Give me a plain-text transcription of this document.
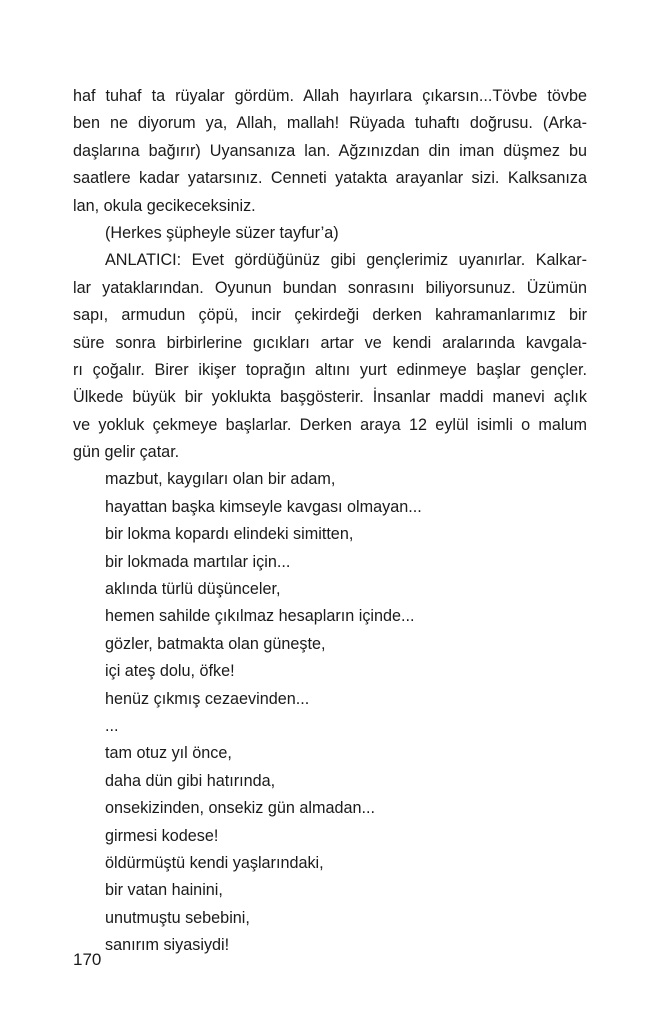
haf tuhaf ta rüyalar gördüm. Allah hayırlara çıkarsın...Tövbe tövbe
ben ne diyorum ya, Allah, mallah! Rüyada tuhaftı doğrusu. (Arka-
daşlarına bağırır) Uyansanıza lan. Ağzınızdan din iman düşmez bu
saatlere kadar yatarsınız. Cenneti yatakta arayanlar sizi. Kalksanıza
lan, okula gecikeceksiniz.
(Herkes şüpheyle süzer tayfur’a)
ANLATICI: Evet gördüğünüz gibi gençlerimiz uyanırlar. Kalkar-
lar yataklarından. Oyunun bundan sonrasını biliyorsunuz. Üzümün
sapı, armudun çöpü, incir çekirdeği derken kahramanlarımız bir
süre sonra birbirlerine gıcıkları artar ve kendi aralarında kavgala-
rı çoğalır. Birer ikişer toprağın altını yurt edinmeye başlar gençler.
Ülkede büyük bir yoklukta başgösterir. İnsanlar maddi manevi açlık
ve yokluk çekmeye başlarlar. Derken araya 12 eylül isimli o malum
gün gelir çatar.
mazbut, kaygıları olan bir adam,
hayattan başka kimseyle kavgası olmayan...
bir lokma kopardı elindeki simitten,
bir lokmada martılar için...
aklında türlü düşünceler,
hemen sahilde çıkılmaz hesapların içinde...
gözler, batmakta olan güneşte,
içi ateş dolu, öfke!
henüz çıkmış cezaevinden...
...
tam otuz yıl önce,
daha dün gibi hatırında,
onsekizinden, onsekiz gün almadan...
girmesi kodese!
öldürmüştü kendi yaşlarındaki,
bir vatan hainini,
unutmuştu sebebini,
sanırım siyasiydi!
170
